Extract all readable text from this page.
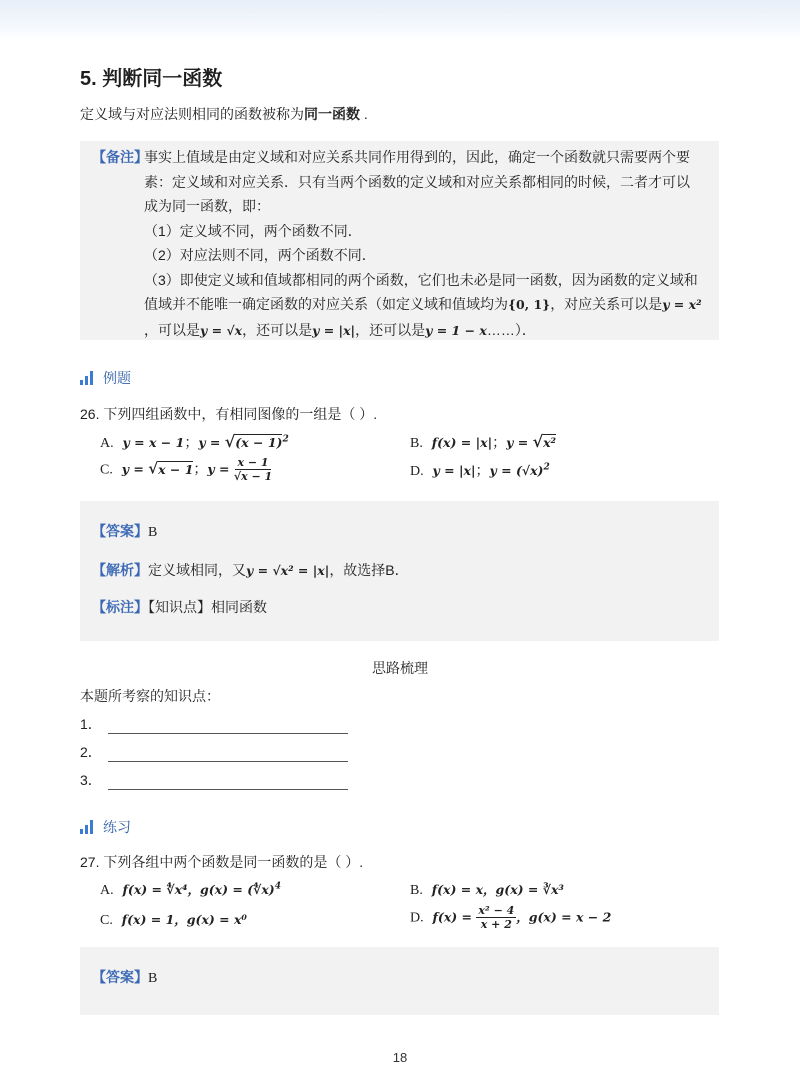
5. 判断同一函数
定义域与对应法则相同的函数被称为同一函数 .
【备注】
事实上值域是由定义域和对应关系共同作用得到的，因此，确定一个函数就只需要两个要
素：定义域和对应关系．只有当两个函数的定义域和对应关系都相同的时候，二者才可以
成为同一函数，即：
（1）定义域不同，两个函数不同．
（2）对应法则不同，两个函数不同．
（3）即使定义域和值域都相同的两个函数，它们也未必是同一函数，因为函数的定义域和
值域并不能唯一确定函数的对应关系（如定义域和值域均为{0, 1}，对应关系可以是y = x²
，可以是y = √x，还可以是y = |x|，还可以是y = 1 − x……）．
例题
26. 下列四组函数中，有相同图像的一组是（ ）.
A. y = x − 1；$y = √(x - 1)^2$	B. f(x) = |x|；y = √x²
C. y = √x − 1；$y = \frac{x - 1}{√x - 1}$	D. y = |x|；$y = (√x)^2$
【答案】B
【解析】定义域相同，又y = √x² = |x|，故选择B．
【标注】【知识点】相同函数
思路梳理
本题所考察的知识点：
1．
2．
3．
练习
27. 下列各组中两个函数是同一函数的是（ ）.
A. f(x) = ∜x⁴，g(x) = (∜x)$^4$	B. f(x) = x，g(x) = ∛x³
C. f(x) = 1，g(x) = x⁰	D. $f(x) = \frac{\text{x² − 4}}{x + 2}$ ，g(x) = x − 2
【答案】B
18
